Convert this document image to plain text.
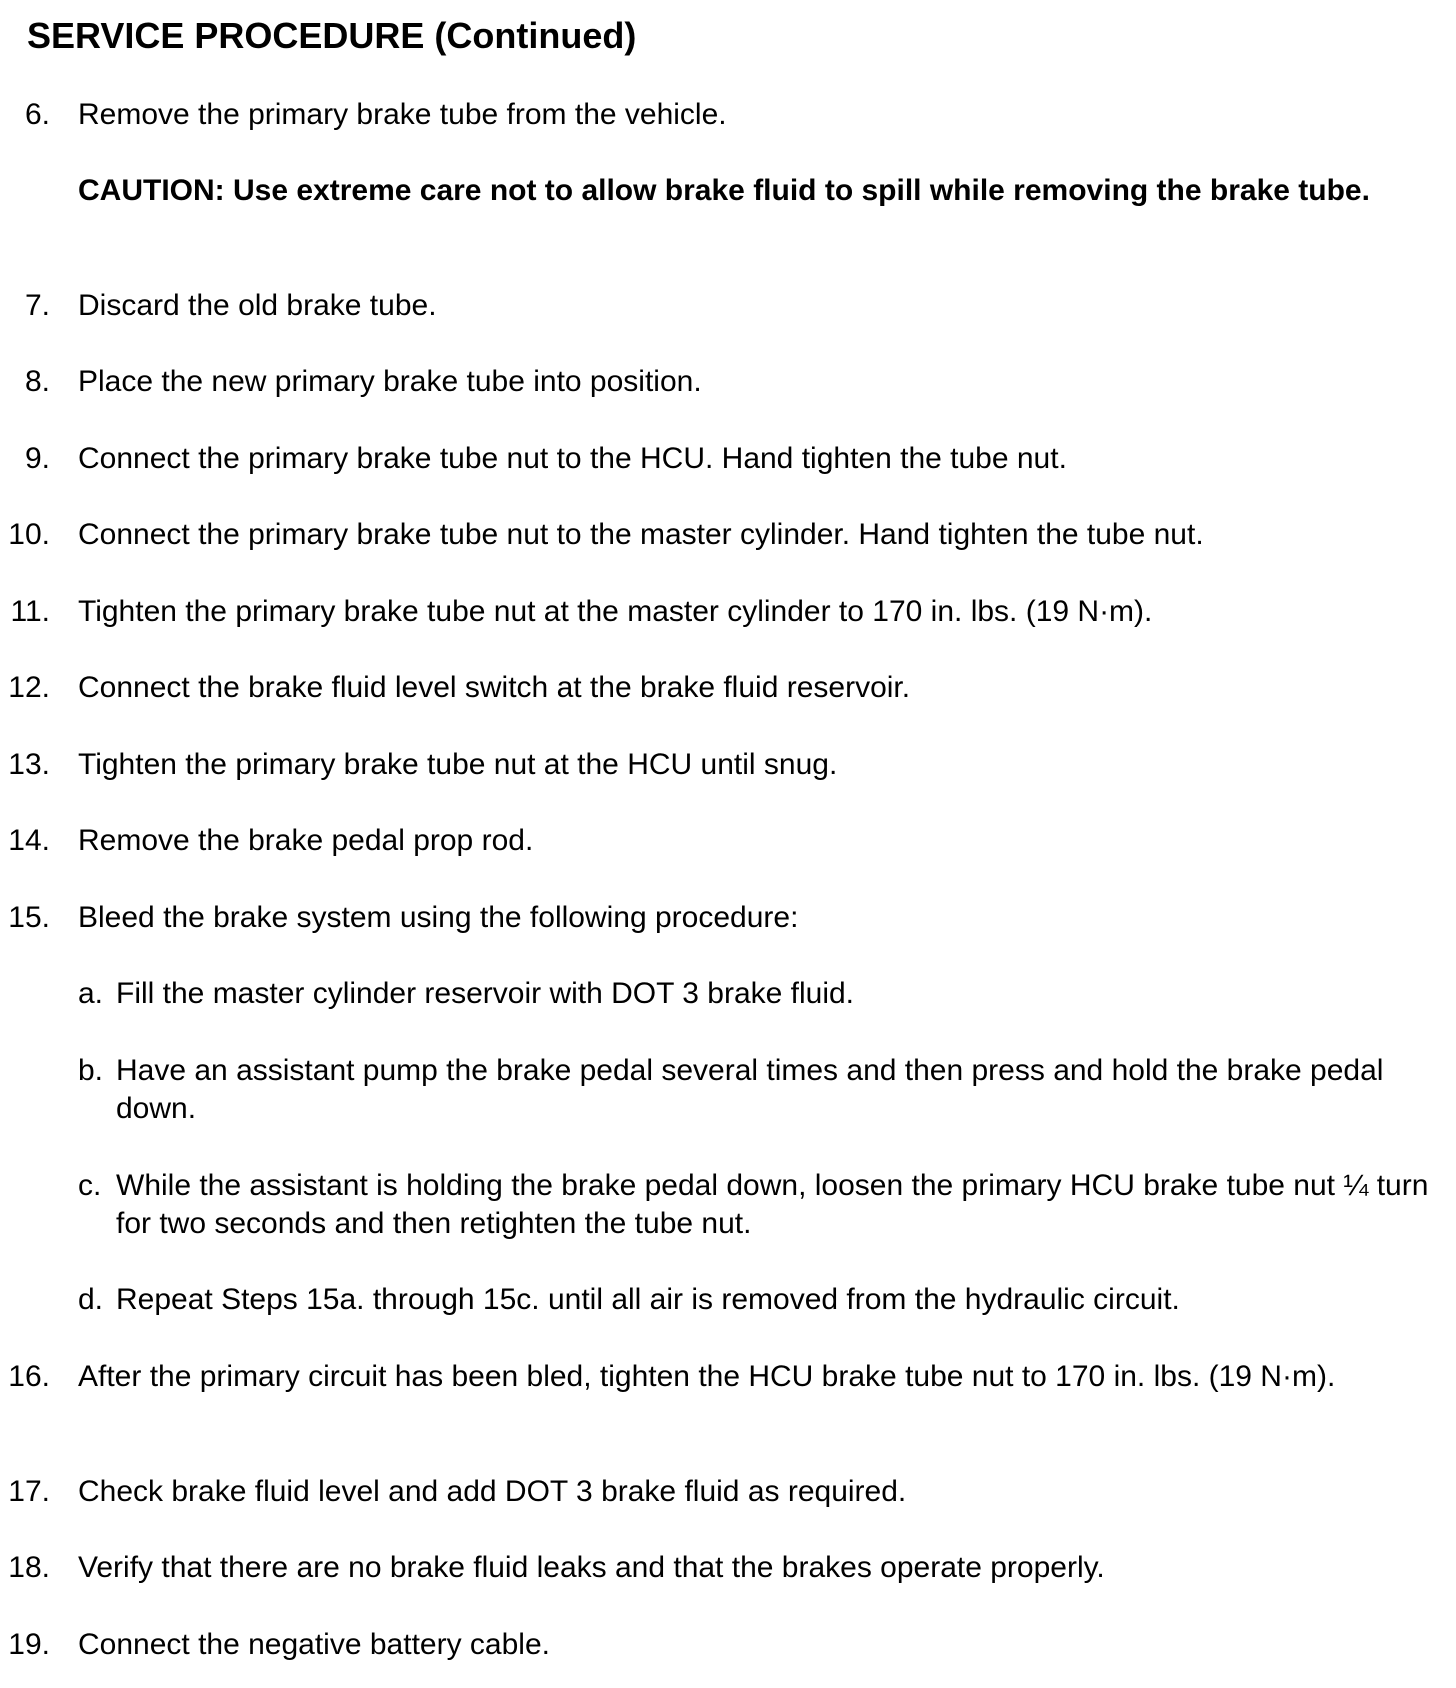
SERVICE PROCEDURE (Continued)
6. Remove the primary brake tube from the vehicle.
CAUTION: Use extreme care not to allow brake fluid to spill while removing the brake tube.
7. Discard the old brake tube.
8. Place the new primary brake tube into position.
9. Connect the primary brake tube nut to the HCU. Hand tighten the tube nut.
10. Connect the primary brake tube nut to the master cylinder. Hand tighten the tube nut.
11. Tighten the primary brake tube nut at the master cylinder to 170 in. lbs. (19 N·m).
12. Connect the brake fluid level switch at the brake fluid reservoir.
13. Tighten the primary brake tube nut at the HCU until snug.
14. Remove the brake pedal prop rod.
15. Bleed the brake system using the following procedure:
a. Fill the master cylinder reservoir with DOT 3 brake fluid.
b. Have an assistant pump the brake pedal several times and then press and hold the brake pedal down.
c. While the assistant is holding the brake pedal down, loosen the primary HCU brake tube nut ¼ turn for two seconds and then retighten the tube nut.
d. Repeat Steps 15a. through 15c. until all air is removed from the hydraulic circuit.
16. After the primary circuit has been bled, tighten the HCU brake tube nut to 170 in. lbs. (19 N·m).
17. Check brake fluid level and add DOT 3 brake fluid as required.
18. Verify that there are no brake fluid leaks and that the brakes operate properly.
19. Connect the negative battery cable.
